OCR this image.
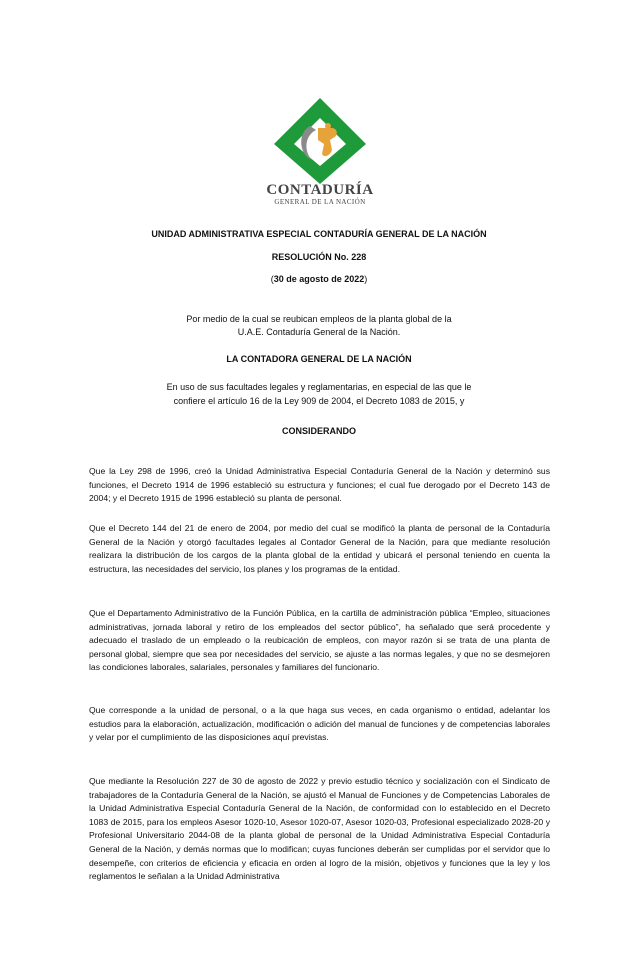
CONTADURÍA
GENERAL DE LA NACIÓN
UNIDAD ADMINISTRATIVA ESPECIAL CONTADURÍA GENERAL DE LA NACIÓN
RESOLUCIÓN No. 228
(30 de agosto de 2022)
Por medio de la cual se reubican empleos de la planta global de la
U.A.E. Contaduría General de la Nación.
LA CONTADORA GENERAL DE LA NACIÓN
En uso de sus facultades legales y reglamentarias, en especial de las que le
confiere el artículo 16 de la Ley 909 de 2004, el Decreto 1083 de 2015, y
CONSIDERANDO
Que la Ley 298 de 1996, creó la Unidad Administrativa Especial Contaduría General de la Nación y determinó sus funciones, el Decreto 1914 de 1996 estableció su estructura y funciones; el cual fue derogado por el Decreto 143 de 2004; y el Decreto 1915 de 1996 estableció su planta de personal.
Que el Decreto 144 del 21 de enero de 2004, por medio del cual se modificó la planta de personal de la Contaduría General de la Nación y otorgó facultades legales al Contador General de la Nación, para que mediante resolución realizara la distribución de los cargos de la planta global de la entidad y ubicará el personal teniendo en cuenta la estructura, las necesidades del servicio, los planes y los programas de la entidad.
Que el Departamento Administrativo de la Función Pública, en la cartilla de administración pública “Empleo, situaciones administrativas, jornada laboral y retiro de los empleados del sector público”, ha señalado que será procedente y adecuado el traslado de un empleado o la reubicación de empleos, con mayor razón si se trata de una planta de personal global, siempre que sea por necesidades del servicio, se ajuste a las normas legales, y que no se desmejoren las condiciones laborales, salariales, personales y familiares del funcionario.
Que corresponde a la unidad de personal, o a la que haga sus veces, en cada organismo o entidad, adelantar los estudios para la elaboración, actualización, modificación o adición del manual de funciones y de competencias laborales y velar por el cumplimiento de las disposiciones aquí previstas.
Que mediante la Resolución 227 de 30 de agosto de 2022 y previo estudio técnico y socialización con el Sindicato de trabajadores de la Contaduría General de la Nación, se ajustó el Manual de Funciones y de Competencias Laborales de la Unidad Administrativa Especial Contaduría General de la Nación, de conformidad con lo establecido en el Decreto 1083 de 2015, para los empleos Asesor 1020-10, Asesor 1020-07, Asesor 1020-03, Profesional especializado 2028-20 y Profesional Universitario 2044-08 de la planta global de personal de la Unidad Administrativa Especial Contaduría General de la Nación, y demás normas que lo modifican; cuyas funciones deberán ser cumplidas por el servidor que lo desempeñe, con criterios de eficiencia y eficacia en orden al logro de la misión, objetivos y funciones que la ley y los reglamentos le señalan a la Unidad Administrativa
